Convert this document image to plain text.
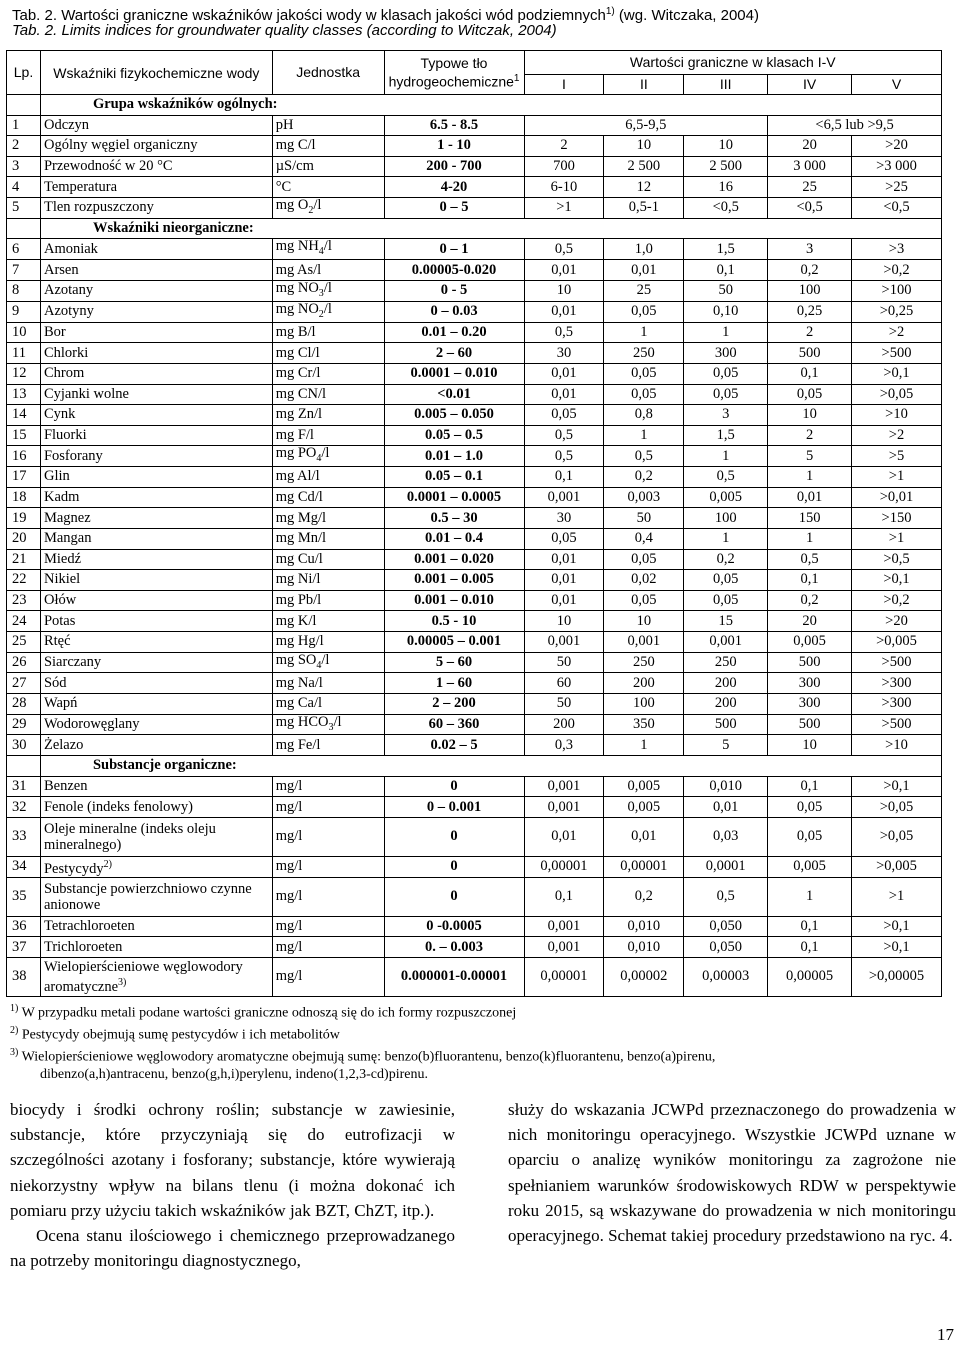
Tab. 2. Wartości graniczne wskaźników jakości wody w klasach jakości wód podziemnych$^{1)}$ (wg. Witczaka, 2004)
Tab. 2. Limits indices for groundwater quality classes (according to Witczak, 2004)
Lp.	Wskaźniki fizykochemiczne wody	Jednostka	Typowe tło hydrogeochemiczne$^1$	Wartości graniczne w klasach I-V				
				I	II	III	IV	V
	Grupa wskaźników ogólnych:							
1	Odczyn	pH	6.5 - 8.5	6,5-9,5			<6,5 lub >9,5	
2	Ogólny węgiel organiczny	mg C/l	1 - 10	2	10	10	20	>20
3	Przewodność w 20 °C	µS/cm	200 - 700	700	2 500	2 500	3 000	>3 000
4	Temperatura	°C	4-20	6-10	12	16	25	>25
5	Tlen rozpuszczony	mg $O_2/l$	0 – 5	>1	0,5-1	<0,5	<0,5	<0,5
	Wskaźniki nieorganiczne:							
6	Amoniak	mg $NH_4/l$	0 – 1	0,5	1,0	1,5	3	>3
7	Arsen	mg As/l	0.00005-0.020	0,01	0,01	0,1	0,2	>0,2
8	Azotany	mg $NO_3/l$	0 - 5	10	25	50	100	>100
9	Azotyny	mg $NO_2/l$	0 – 0.03	0,01	0,05	0,10	0,25	>0,25
10	Bor	mg B/l	0.01 – 0.20	0,5	1	1	2	>2
11	Chlorki	mg Cl/l	2 – 60	30	250	300	500	>500
12	Chrom	mg Cr/l	0.0001 – 0.010	0,01	0,05	0,05	0,1	>0,1
13	Cyjanki wolne	mg CN/l	<0.01	0,01	0,05	0,05	0,05	>0,05
14	Cynk	mg Zn/l	0.005 – 0.050	0,05	0,8	3	10	>10
15	Fluorki	mg F/l	0.05 – 0.5	0,5	1	1,5	2	>2
16	Fosforany	mg $PO_4/l$	0.01 – 1.0	0,5	0,5	1	5	>5
17	Glin	mg Al/l	0.05 – 0.1	0,1	0,2	0,5	1	>1
18	Kadm	mg Cd/l	0.0001 – 0.0005	0,001	0,003	0,005	0,01	>0,01
19	Magnez	mg Mg/l	0.5 – 30	30	50	100	150	>150
20	Mangan	mg Mn/l	0.01 – 0.4	0,05	0,4	1	1	>1
21	Miedź	mg Cu/l	0.001 – 0.020	0,01	0,05	0,2	0,5	>0,5
22	Nikiel	mg Ni/l	0.001 – 0.005	0,01	0,02	0,05	0,1	>0,1
23	Ołów	mg Pb/l	0.001 – 0.010	0,01	0,05	0,05	0,2	>0,2
24	Potas	mg K/l	0.5 - 10	10	10	15	20	>20
25	Rtęć	mg Hg/l	0.00005 – 0.001	0,001	0,001	0,001	0,005	>0,005
26	Siarczany	mg $SO_4/l$	5 – 60	50	250	250	500	>500
27	Sód	mg Na/l	1 – 60	60	200	200	300	>300
28	Wapń	mg Ca/l	2 – 200	50	100	200	300	>300
29	Wodorowęglany	mg $HCO_3/l$	60 – 360	200	350	500	500	>500
30	Żelazo	mg Fe/l	0.02 – 5	0,3	1	5	10	>10
	Substancje organiczne:							
31	Benzen	mg/l	0	0,001	0,005	0,010	0,1	>0,1
32	Fenole (indeks fenolowy)	mg/l	0 – 0.001	0,001	0,005	0,01	0,05	>0,05
33	Oleje mineralne (indeks oleju mineralnego)	mg/l	0	0,01	0,01	0,03	0,05	>0,05
34	Pestycydy$^{2)}$	mg/l	0	0,00001	0,00001	0,0001	0,005	>0,005
35	Substancje powierzchniowo czynne anionowe	mg/l	0	0,1	0,2	0,5	1	>1
36	Tetrachloroeten	mg/l	0 -0.0005	0,001	0,010	0,050	0,1	>0,1
37	Trichloroeten	mg/l	0. – 0.003	0,001	0,010	0,050	0,1	>0,1
38	Wielopierścieniowe węglowodory aromatyczne$^{3)}$	mg/l	0.000001-0.00001	0,00001	0,00002	0,00003	0,00005	>0,00005
$^{1)}$ W przypadku metali podane wartości graniczne odnoszą się do ich formy rozpuszczonej
$^{2)}$ Pestycydy obejmują sumę pestycydów i ich metabolitów
$^{3)}$ Wielopierścieniowe węglowodory aromatyczne obejmują sumę: benzo(b)fluorantenu, benzo(k)fluorantenu, benzo(a)pirenu,
dibenzo(a,h)antracenu, benzo(g,h,i)perylenu, indeno(1,2,3-cd)pirenu.

biocydy i środki ochrony roślin; substancje w zawiesinie, substancje, które przyczyniają się do eutrofizacji w szczególności azotany i fosforany; substancje, które wywierają niekorzystny wpływ na bilans tlenu (i można dokonać ich pomiaru przy użyciu takich wskaźników jak BZT, ChZT, itp.).

Ocena stanu ilościowego i chemicznego przeprowadzanego na potrzeby monitoringu diagnostycznego,

służy do wskazania JCWPd przeznaczonego do prowadzenia w nich monitoringu operacyjnego. Wszystkie JCWPd uznane w oparciu o analizę wyników monitoringu za zagrożone nie spełnianiem warunków środowiskowych RDW w perspektywie roku 2015, są wskazywane do prowadzenia w nich monitoringu operacyjnego. Schemat takiej procedury przedstawiono na ryc. 4.

17
